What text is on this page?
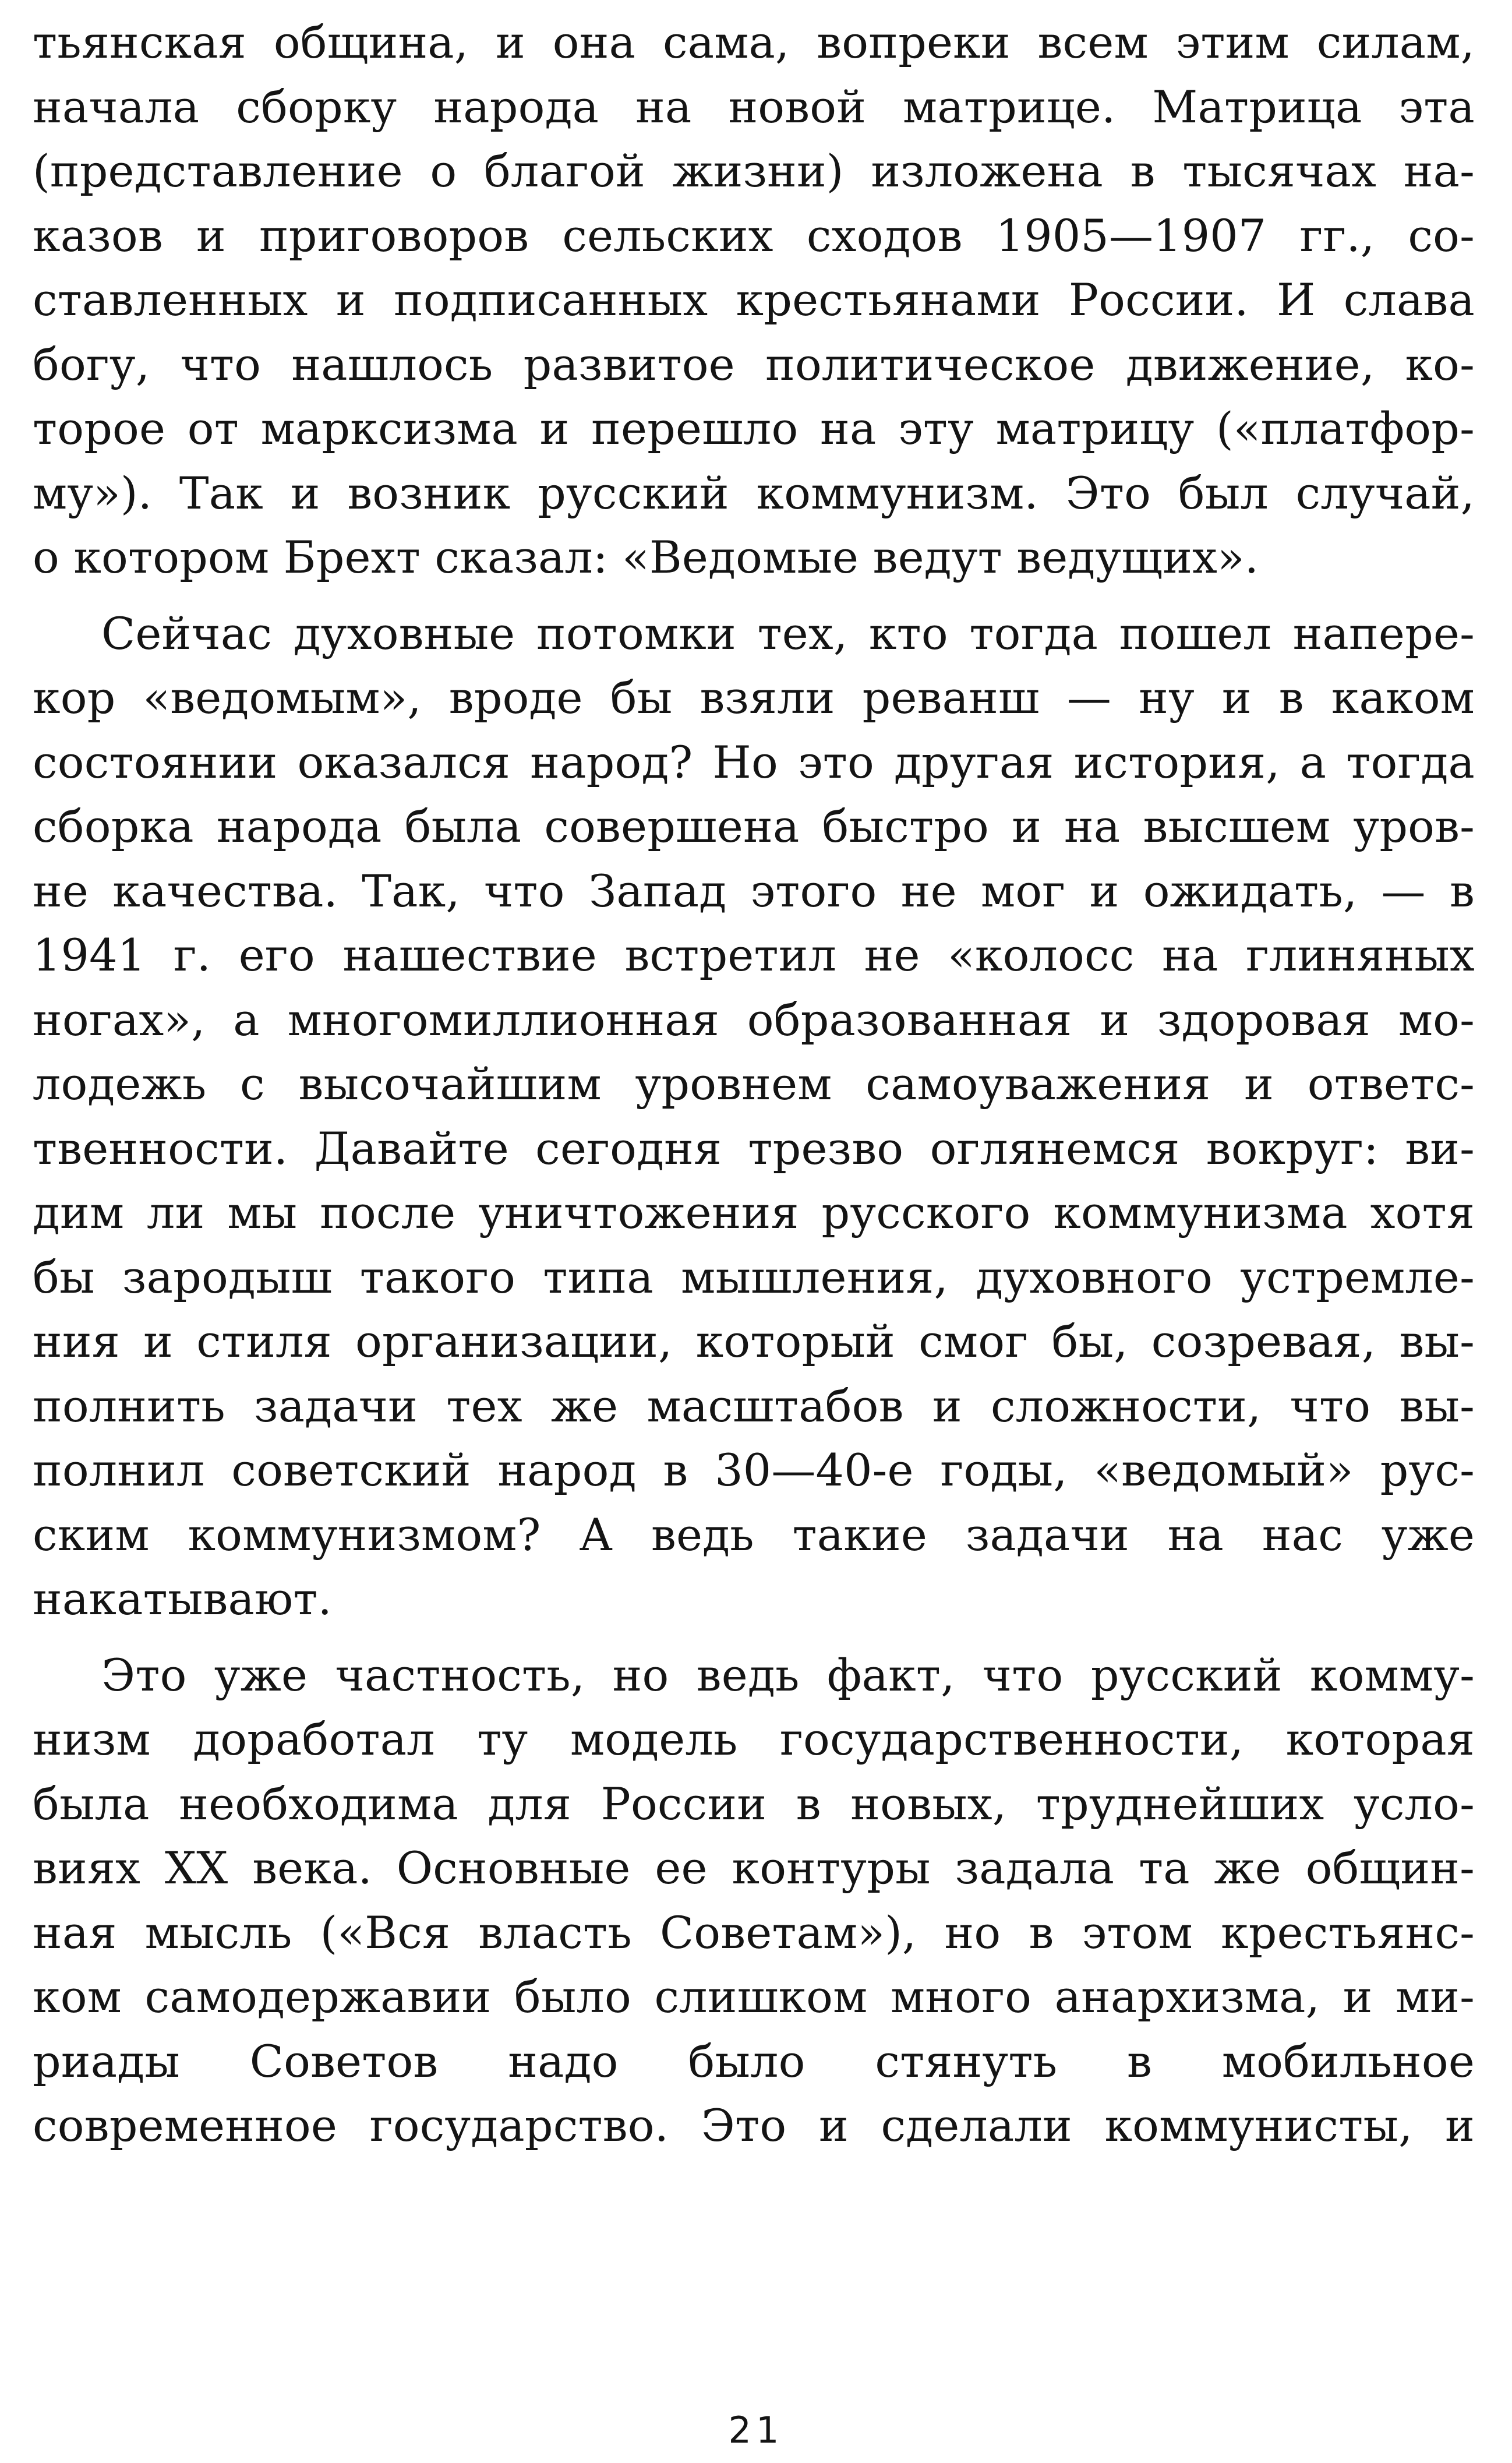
тьянская община, и она сама, вопреки всем этим силам,
начала сборку народа на новой матрице. Матрица эта
(представление о благой жизни) изложена в тысячах на-
казов и приговоров сельских сходов 1905—1907 гг., со-
ставленных и подписанных крестьянами России. И слава
богу, что нашлось развитое политическое движение, ко-
торое от марксизма и перешло на эту матрицу («платфор-
му»). Так и возник русский коммунизм. Это был случай,
о котором Брехт сказал: «Ведомые ведут ведущих».
Сейчас духовные потомки тех, кто тогда пошел напере-
кор «ведомым», вроде бы взяли реванш — ну и в каком
состоянии оказался народ? Но это другая история, а тогда
сборка народа была совершена быстро и на высшем уров-
не качества. Так, что Запад этого не мог и ожидать, — в
1941 г. его нашествие встретил не «колосс на глиняных
ногах», а многомиллионная образованная и здоровая мо-
лодежь с высочайшим уровнем самоуважения и ответс-
твенности. Давайте сегодня трезво оглянемся вокруг: ви-
дим ли мы после уничтожения русского коммунизма хотя
бы зародыш такого типа мышления, духовного устремле-
ния и стиля организации, который смог бы, созревая, вы-
полнить задачи тех же масштабов и сложности, что вы-
полнил советский народ в 30—40-е годы, «ведомый» рус-
ским коммунизмом? А ведь такие задачи на нас уже
накатывают.
Это уже частность, но ведь факт, что русский комму-
низм доработал ту модель государственности, которая
была необходима для России в новых, труднейших усло-
виях XX века. Основные ее контуры задала та же общин-
ная мысль («Вся власть Советам»), но в этом крестьянс-
ком самодержавии было слишком много анархизма, и ми-
риады Советов надо было стянуть в мобильное
современное государство. Это и сделали коммунисты, и
21
